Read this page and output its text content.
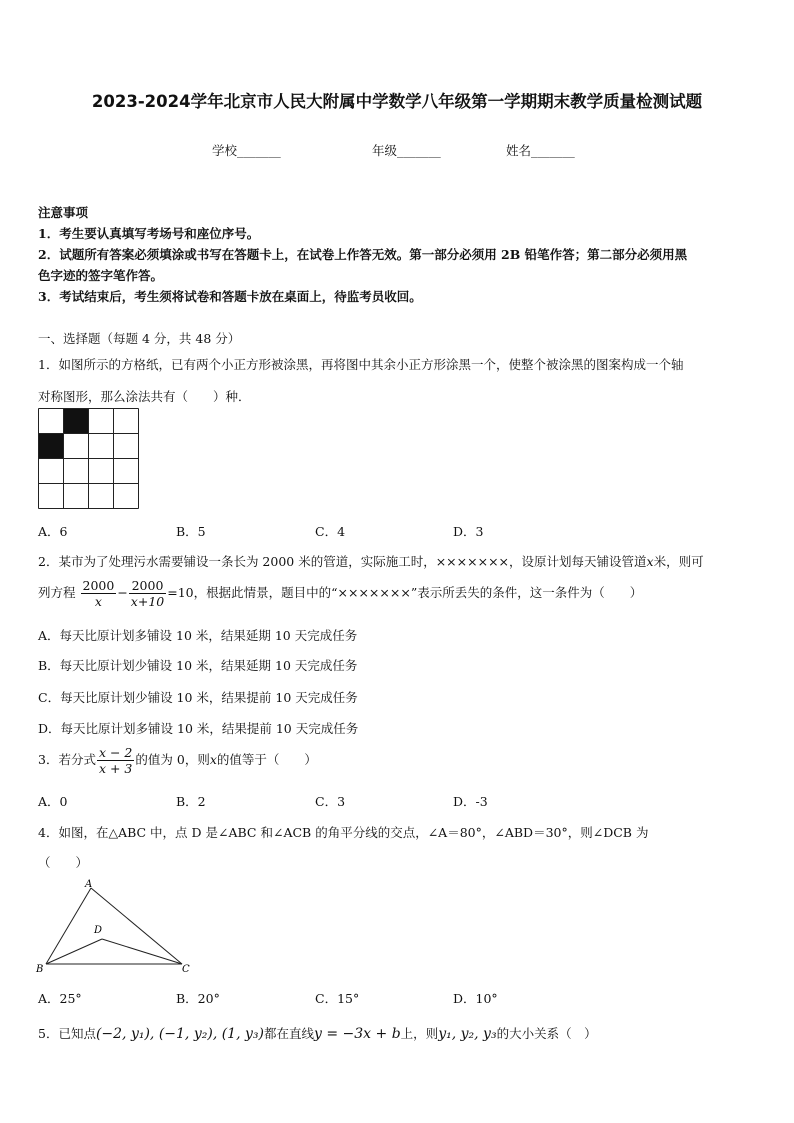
2023-2024学年北京市人民大附属中学数学八年级第一学期期末教学质量检测试题
学校_______	年级_______	姓名_______
注意事项
1．考生要认真填写考场号和座位序号。
2．试题所有答案必须填涂或书写在答题卡上，在试卷上作答无效。第一部分必须用 2B 铅笔作答；第二部分必须用黑
色字迹的签字笔作答。
3．考试结束后，考生须将试卷和答题卡放在桌面上，待监考员收回。
一、选择题（每题 4 分，共 48 分）
1．如图所示的方格纸，已有两个小正方形被涂黑，再将图中其余小正方形涂黑一个，使整个被涂黑的图案构成一个轴
对称图形，那么涂法共有（　　）种．
A．6	B．5	C．4	D．3
2．某市为了处理污水需要铺设一条长为 2000 米的管道，实际施工时，×××××××，设原计划每天铺设管道x米，则可
列方程 $\frac{2000}{x} - \frac{2000}{x+10} =10$，根据此情景，题目中的“×××××××”表示所丢失的条件，这一条件为（　　）
A．每天比原计划多铺设 10 米，结果延期 10 天完成任务
B．每天比原计划少铺设 10 米，结果延期 10 天完成任务
C．每天比原计划少铺设 10 米，结果提前 10 天完成任务
D．每天比原计划多铺设 10 米，结果提前 10 天完成任务
3．若分式 $\frac{x - 2}{x + 3}$ 的值为 0，则x的值等于（　　）
A．0	B．2	C．3	D．-3
4．如图，在△ABC 中，点 D 是∠ABC 和∠ACB 的角平分线的交点，∠A＝80°，∠ABD＝30°，则∠DCB 为
（　　）
A
B	C
D
A．25°	B．20°	C．15°	D．10°
5．已知点(−2, y₁), (−1, y₂), (1, y₃)都在直线y = −3x + b上，则y₁, y₂, y₃的大小关系（　）
